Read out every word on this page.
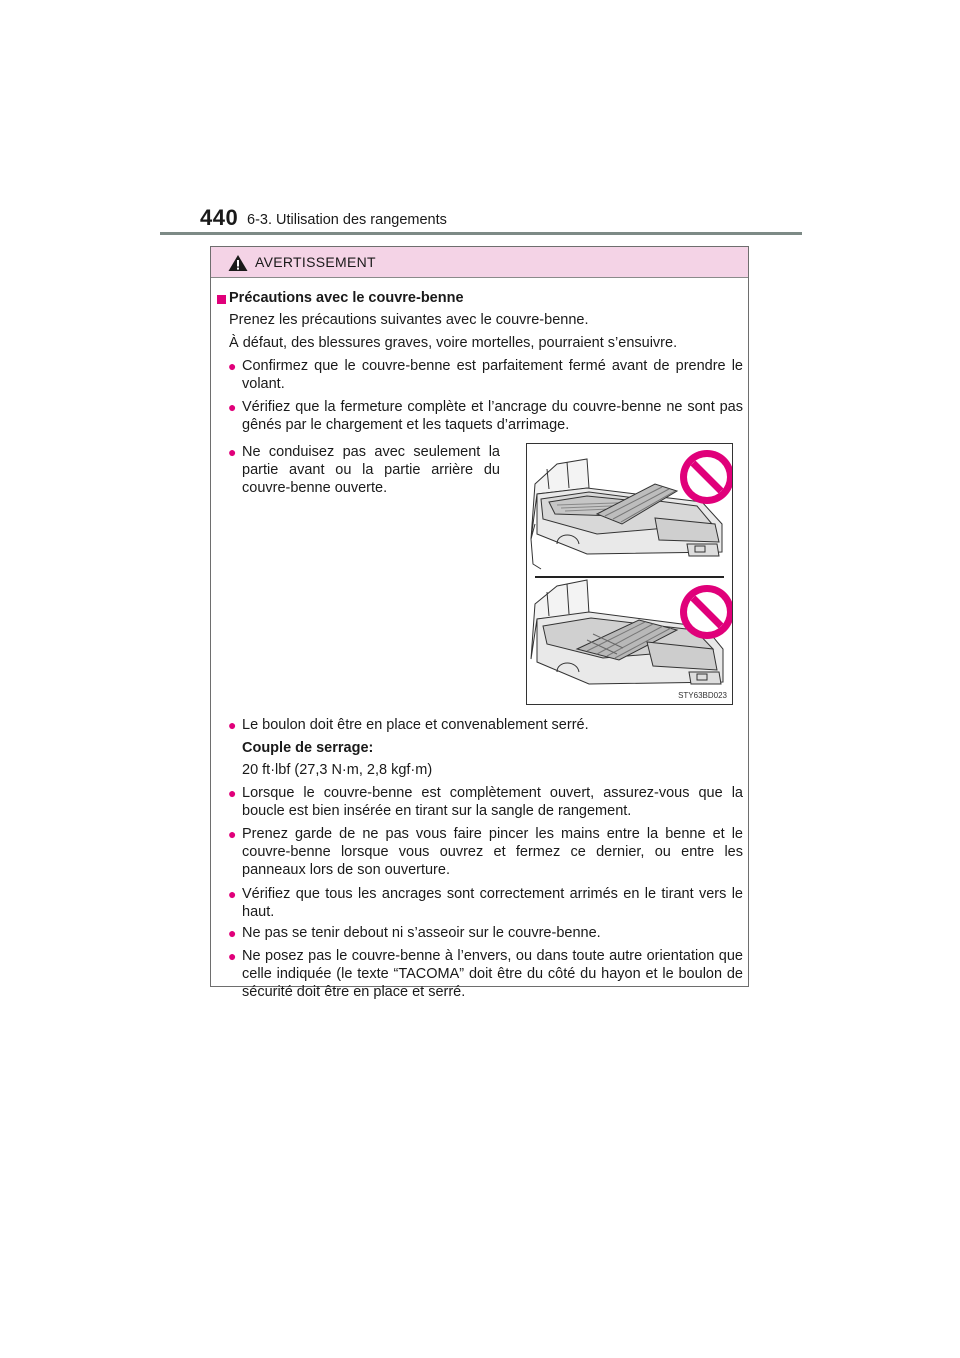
440 6-3. Utilisation des rangements
AVERTISSEMENT
Précautions avec le couvre-benne
Prenez les précautions suivantes avec le couvre-benne.
À défaut, des blessures graves, voire mortelles, pourraient s’ensuivre.
● Confirmez que le couvre-benne est parfaitement fermé avant de prendre le volant.
● Vérifiez que la fermeture complète et l’ancrage du couvre-benne ne sont pas gênés par le chargement et les taquets d’arrimage.
● Ne conduisez pas avec seulement la partie avant ou la partie arrière du couvre-benne ouverte.
STY63BD023
● Le boulon doit être en place et convenablement serré.
Couple de serrage:
20 ft·lbf (27,3 N·m, 2,8 kgf·m)
● Lorsque le couvre-benne est complètement ouvert, assurez-vous que la boucle est bien insérée en tirant sur la sangle de rangement.
● Prenez garde de ne pas vous faire pincer les mains entre la benne et le couvre-benne lorsque vous ouvrez et fermez ce dernier, ou entre les panneaux lors de son ouverture.
● Vérifiez que tous les ancrages sont correctement arrimés en le tirant vers le haut.
● Ne pas se tenir debout ni s’asseoir sur le couvre-benne.
● Ne posez pas le couvre-benne à l’envers, ou dans toute autre orientation que celle indiquée (le texte “TACOMA” doit être du côté du hayon et le boulon de sécurité doit être en place et serré.
